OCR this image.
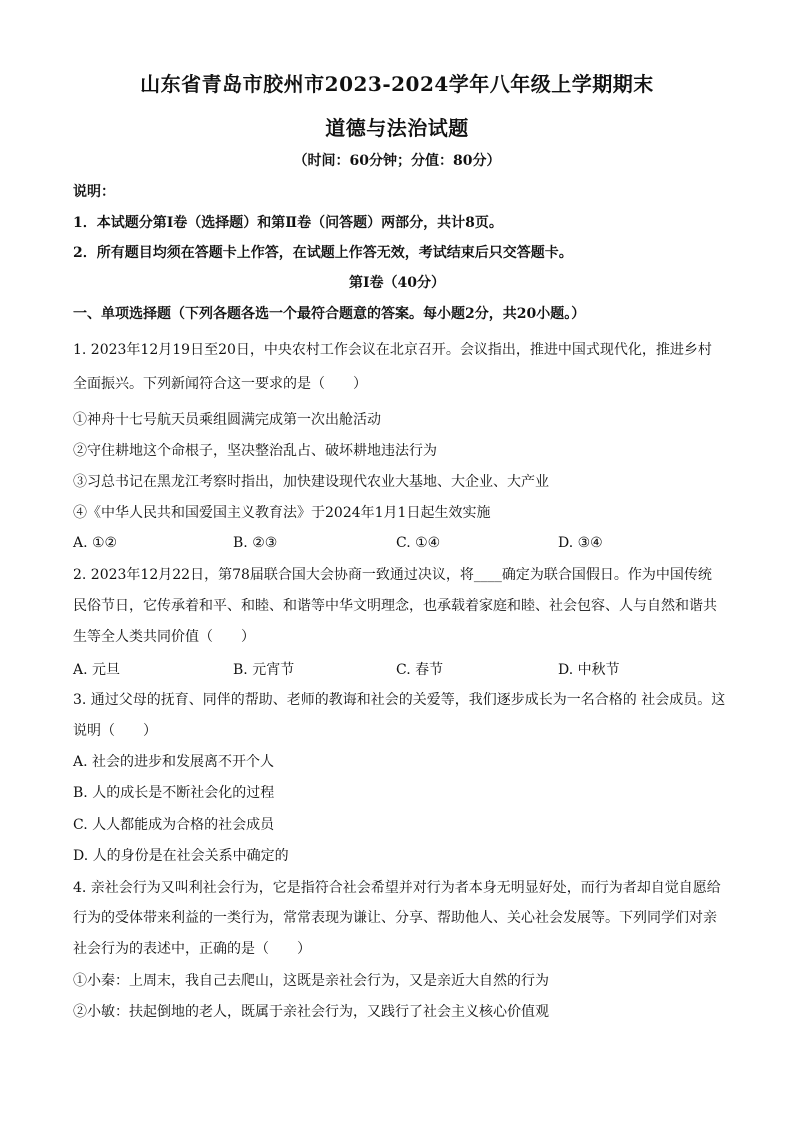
山东省青岛市胶州市2023-2024学年八年级上学期期末
道德与法治试题
（时间：60分钟；分值：80分）
说明：
1．本试题分第Ⅰ卷（选择题）和第Ⅱ卷（问答题）两部分，共计8页。
2．所有题目均须在答题卡上作答，在试题上作答无效，考试结束后只交答题卡。
第Ⅰ卷（40分）
一、单项选择题（下列各题各选一个最符合题意的答案。每小题2分，共20小题。）
1. 2023年12月19日至20日，中央农村工作会议在北京召开。会议指出，推进中国式现代化，推进乡村
全面振兴。下列新闻符合这一要求的是（　　）
①神舟十七号航天员乘组圆满完成第一次出舱活动
②守住耕地这个命根子，坚决整治乱占、破坏耕地违法行为
③习总书记在黑龙江考察时指出，加快建设现代农业大基地、大企业、大产业
④《中华人民共和国爱国主义教育法》于2024年1月1日起生效实施
A. ①②	B. ②③	C. ①④	D. ③④
2. 2023年12月22日，第78届联合国大会协商一致通过决议，将____确定为联合国假日。作为中国传统
民俗节日，它传承着和平、和睦、和谐等中华文明理念，也承载着家庭和睦、社会包容、人与自然和谐共
生等全人类共同价值（　　）
A. 元旦	B. 元宵节	C. 春节	D. 中秋节
3. 通过父母的抚育、同伴的帮助、老师的教诲和社会的关爱等，我们逐步成长为一名合格的 社会成员。这
说明（　　）
A. 社会的进步和发展离不开个人
B. 人的成长是不断社会化的过程
C. 人人都能成为合格的社会成员
D. 人的身份是在社会关系中确定的
4. 亲社会行为又叫利社会行为，它是指符合社会希望并对行为者本身无明显好处，而行为者却自觉自愿给
行为的受体带来利益的一类行为，常常表现为谦让、分享、帮助他人、关心社会发展等。下列同学们对亲
社会行为的表述中，正确的是（　　）
①小秦：上周末，我自己去爬山，这既是亲社会行为，又是亲近大自然的行为
②小敏：扶起倒地的老人，既属于亲社会行为，又践行了社会主义核心价值观
